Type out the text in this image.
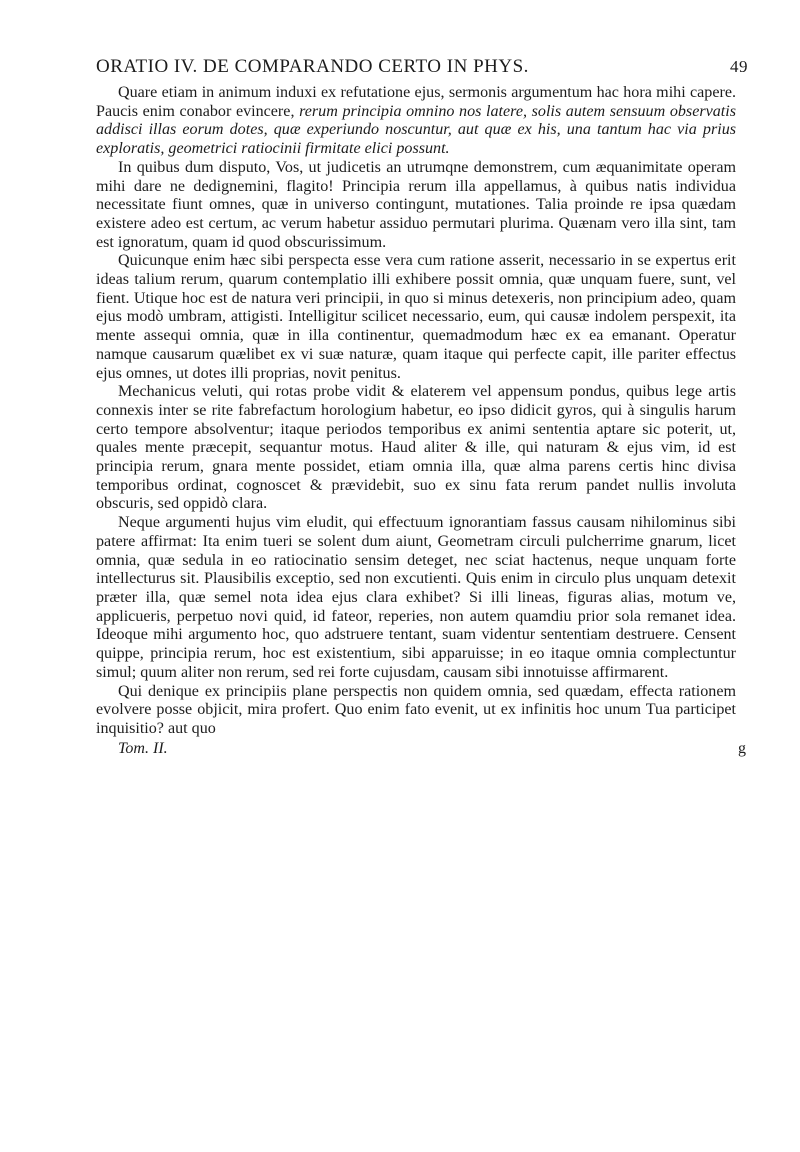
ORATIO IV. DE COMPARANDO CERTO IN PHYS.	49

Quare etiam in animum induxi ex refutatione ejus, sermonis argumentum hac hora mihi capere. Paucis enim conabor evincere, rerum principia omnino nos latere, solis autem sensuum observatis addisci illas eorum dotes, quæ experiundo noscuntur, aut quæ ex his, una tantum hac via prius exploratis, geometrici ratiocinii firmitate elici possunt.

In quibus dum disputo, Vos, ut judicetis an utrumqne demonstrem, cum æquanimitate operam mihi dare ne dedignemini, flagito! Principia rerum illa appellamus, à quibus natis individua necessitate fiunt omnes, quæ in universo contingunt, mutationes. Talia proinde re ipsa quædam existere adeo est certum, ac verum habetur assiduo permutari plurima. Quænam vero illa sint, tam est ignoratum, quam id quod obscurissimum.

Quicunque enim hæc sibi perspecta esse vera cum ratione asserit, necessario in se expertus erit ideas talium rerum, quarum contemplatio illi exhibere possit omnia, quæ unquam fuere, sunt, vel fient. Utique hoc est de natura veri principii, in quo si minus detexeris, non principium adeo, quam ejus modò umbram, attigisti. Intelligitur scilicet necessario, eum, qui causæ indolem perspexit, ita mente assequi omnia, quæ in illa continentur, quemadmodum hæc ex ea emanant. Operatur namque causarum quælibet ex vi suæ naturæ, quam itaque qui perfecte capit, ille pariter effectus ejus omnes, ut dotes illi proprias, novit penitus.

Mechanicus veluti, qui rotas probe vidit & elaterem vel appensum pondus, quibus lege artis connexis inter se rite fabrefactum horologium habetur, eo ipso didicit gyros, qui à singulis harum certo tempore absolventur; itaque periodos temporibus ex animi sententia aptare sic poterit, ut, quales mente præcepit, sequantur motus. Haud aliter & ille, qui naturam & ejus vim, id est principia rerum, gnara mente possidet, etiam omnia illa, quæ alma parens certis hinc divisa temporibus ordinat, cognoscet & prævidebit, suo ex sinu fata rerum pandet nullis involuta obscuris, sed oppidò clara.

Neque argumenti hujus vim eludit, qui effectuum ignorantiam fassus causam nihilominus sibi patere affirmat: Ita enim tueri se solent dum aiunt, Geometram circuli pulcherrime gnarum, licet omnia, quæ sedula in eo ratiocinatio sensim deteget, nec sciat hactenus, neque unquam forte intellecturus sit. Plausibilis exceptio, sed non excutienti. Quis enim in circulo plus unquam detexit præter illa, quæ semel nota idea ejus clara exhibet? Si illi lineas, figuras alias, motum ve, applicueris, perpetuo novi quid, id fateor, reperies, non autem quamdiu prior sola remanet idea. Ideoque mihi argumento hoc, quo adstruere tentant, suam videntur sententiam destruere. Censent quippe, principia rerum, hoc est existentium, sibi apparuisse; in eo itaque omnia complectuntur simul; quum aliter non rerum, sed rei forte cujusdam, causam sibi innotuisse affirmarent.

Qui denique ex principiis plane perspectis non quidem omnia, sed quædam, effecta rationem evolvere posse objicit, mira profert. Quo enim fato evenit, ut ex infinitis hoc unum Tua participet inquisitio? aut quo

Tom. II.	g
